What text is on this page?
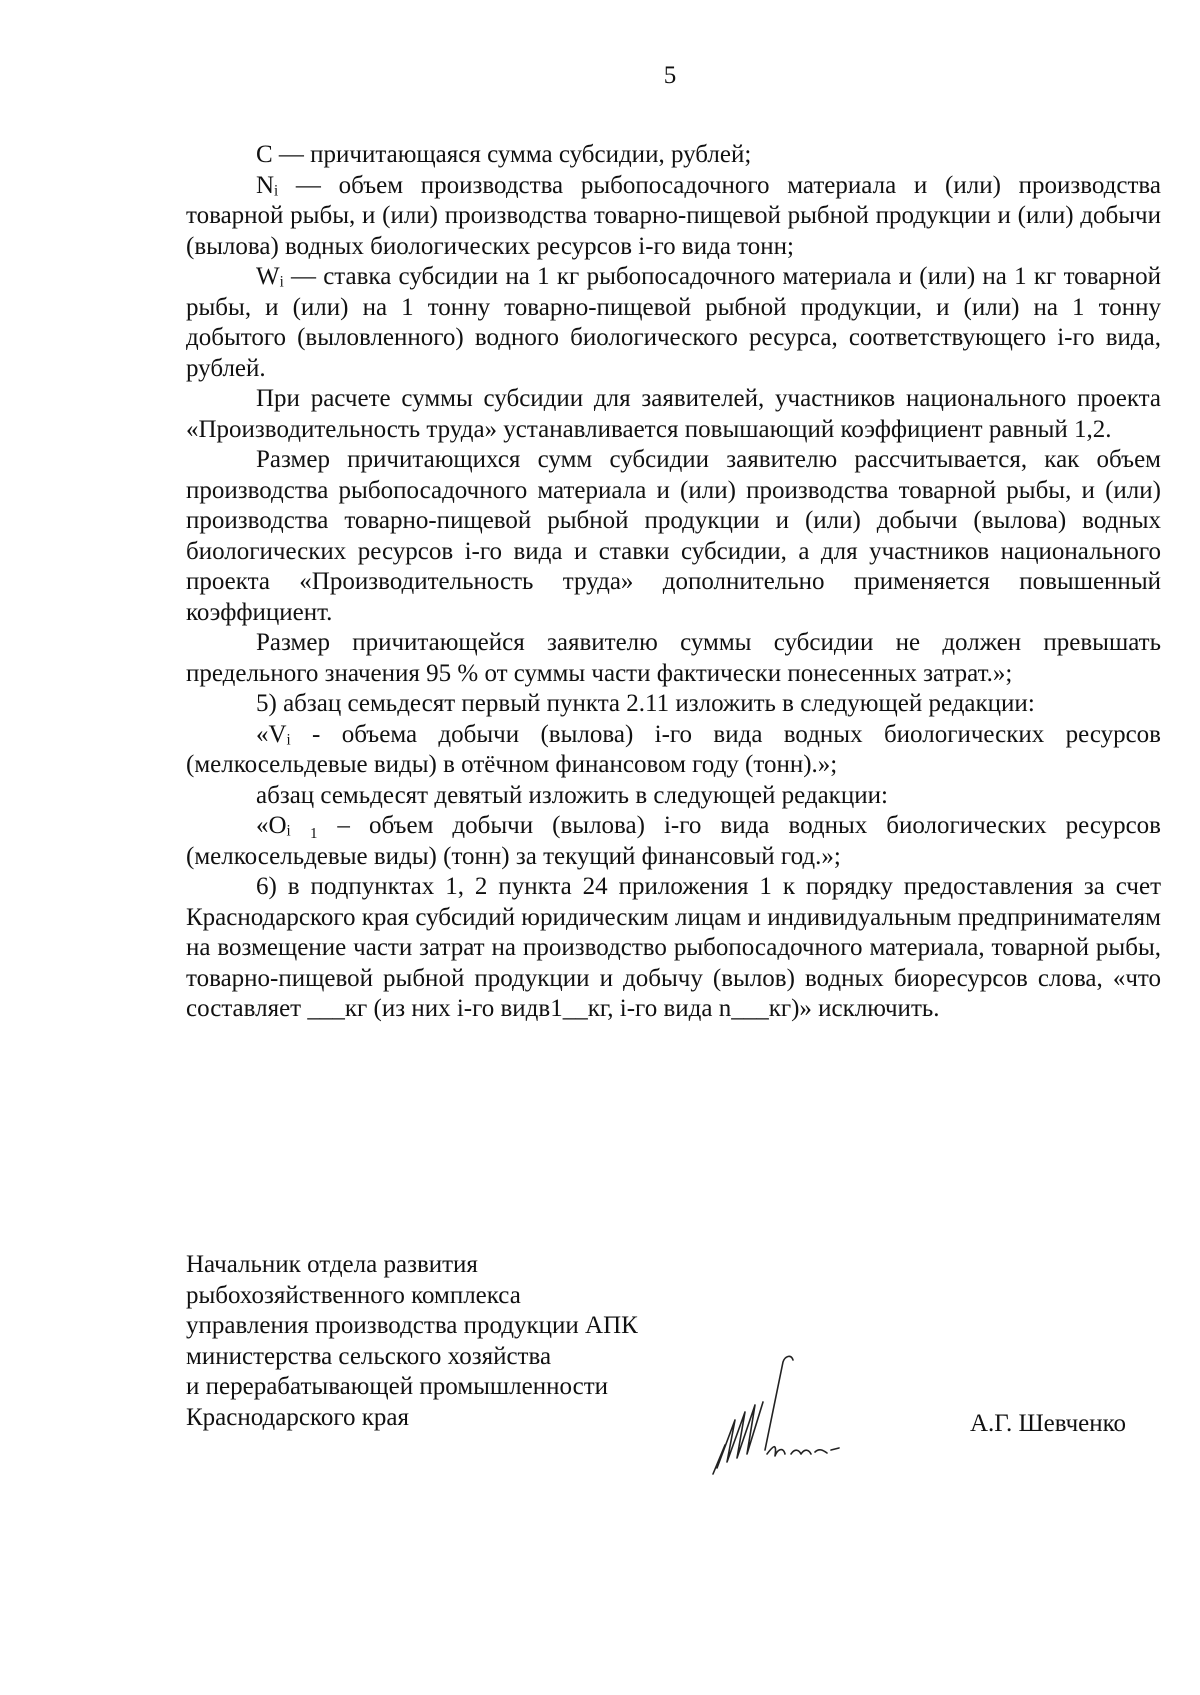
5

С — причитающаяся сумма субсидии, рублей;

Nᵢ — объем производства рыбопосадочного материала и (или) производства товарной рыбы, и (или) производства товарно-пищевой рыбной продукции и (или) добычи (вылова) водных биологических ресурсов i-го вида тонн;

Wᵢ — ставка субсидии на 1 кг рыбопосадочного материала и (или) на 1 кг товарной рыбы, и (или) на 1 тонну товарно-пищевой рыбной продукции, и (или) на 1 тонну добытого (выловленного) водного биологического ресурса, соответствующего i-го вида, рублей.

При расчете суммы субсидии для заявителей, участников национального проекта «Производительность труда» устанавливается повышающий коэффициент равный 1,2.

Размер причитающихся сумм субсидии заявителю рассчитывается, как объем производства рыбопосадочного материала и (или) производства товарной рыбы, и (или) производства товарно-пищевой рыбной продукции и (или) добычи (вылова) водных биологических ресурсов i-го вида и ставки субсидии, а для участников национального проекта «Производительность труда» дополнительно применяется повышенный коэффициент.

Размер причитающейся заявителю суммы субсидии не должен превышать предельного значения 95 % от суммы части фактически понесенных затрат.»;

5) абзац семьдесят первый пункта 2.11 изложить в следующей редакции:

«Vᵢ - объема добычи (вылова) i-го вида водных биологических ресурсов (мелкосельдевые виды) в отёчном финансовом году (тонн).»;

абзац семьдесят девятый изложить в следующей редакции:

«Oᵢ ₁ – объем добычи (вылова) i-го вида водных биологических ресурсов (мелкосельдевые виды) (тонн) за текущий финансовый год.»;

6) в подпунктах 1, 2 пункта 24 приложения 1 к порядку предоставления за счет Краснодарского края субсидий юридическим лицам и индивидуальным предпринимателям на возмещение части затрат на производство рыбопосадочного материала, товарной рыбы, товарно-пищевой рыбной продукции и добычу (вылов) водных биоресурсов слова, «что составляет ___кг (из них i-го видв1__кг, i-го вида n___кг)» исключить.

Начальник отдела развития
рыбохозяйственного комплекса
управления производства продукции АПК
министерства сельского хозяйства
и перерабатывающей промышленности
Краснодарского края	А.Г. Шевченко
